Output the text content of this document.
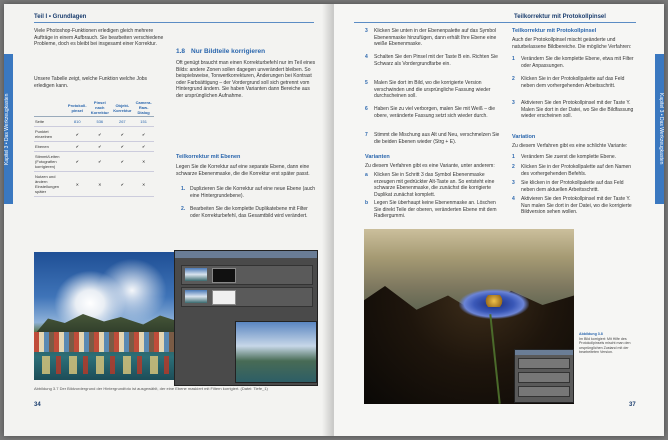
Teil I • Grundlagen
Kapitel 3 • Das Werkzeugkasten
Viele Photoshop-Funktionen erledigen gleich mehrere Aufträge in einem Aufbrauch. Sie bearbeiten verschiedene Probleme, doch es bleibt bei insgesamt einer Korrektur.
Unsere Tabelle zeigt, welche Funktion welche Jobs erledigen kann.
	Protokoll-pinsel	Pinsel nach Korrektur	Objekt-Korrektur	Camera-Raw-Dialog
Seite	810	536	267	151
Punktet einzelnen	✔	✔	✔	✔
Ebenen	✔	✔	✔	✔
Stimmt/Leiten (Fotografien korrigieren)	✔	✔	✔	✕
Nutzen und ändern Einstellungen später	✕	✕	✔	✕
1.8 Nur Bildteile korrigieren
Oft genügt braucht man einen Korrekturbefehl nur im Teil eines Bilds: andere Zonen sollen dagegen unverändert bleiben. So beispielsweise, Tonwertkorrekturen, Änderungen bei Kontrast oder Farbsättigung – der Vordergrund soll sich getrennt vom Hintergrund ändern. Sie haben Varianten dann Bereiche aus der ursprünglichen Aufnahme.
Teilkorrektur mit Ebenen
Legen Sie die Korrektur auf eine separate Ebene, dann eine schwarze Ebenenmaske, die die Korrektur erst später passt.
1. Duplizieren Sie die Korrektur auf eine neue Ebene (auch eine Hintergrundebene).
2. Bearbeiten Sie die komplette Duplikatebene mit Filter oder Korrekturbefehl, das Gesamtbild wird verändert.
Abbildung 3.7 Der Bildvordergrund der Hintergrundfoto ist ausgewählt, der eine Ebene maskiert mit Filtern korrigiert. (Datei: Tiefe_1)
34
Teilkorrektur mit Protokollpinsel
Kapitel 3 • Das Werkzeugkasten
3 Klicken Sie unten in der Ebenenpalette auf das Symbol Ebenenmaske hinzufügen, dann erhält Ihre Ebene eine weiße Ebenenmaske.
4 Schalten Sie den Pinsel mit der Taste B ein. Richten Sie Schwarz als Vordergrundfarbe ein.
5 Malen Sie dort im Bild, wo die korrigierte Version verschwinden und die ursprüngliche Fassung wieder durchscheinen soll.
6 Haben Sie zu viel verborgen, malen Sie mit Weiß – die obere, veränderte Fassung setzt sich wieder durch.
7 Stimmt die Mischung aus Alt und Neu, verschmelzen Sie die beiden Ebenen wieder (Strg + E).
Varianten
Zu diesem Verfahren gibt es eine Variante, unter anderem:
a Klicken Sie in Schritt 3 das Symbol Ebenenmaske erzeugen mit gedrückter Alt-Taste an. So entsteht eine schwarze Ebenenmaske, die zunächst die korrigierte Duplikat zunächst komplett.
b Legen Sie überhaupt keine Ebenenmaske an. Löschen Sie direkt Teile der oberen, veränderten Ebene mit dem Radiergummi.
Teilkorrektur mit Protokollpinsel
Auch der Protokollpinsel mischt geänderte und naturbelassene Bildbereiche. Die mögliche Verfahren:
1 Verändern Sie die komplette Ebene, etwa mit Filter oder Anpassungen.
2 Klicken Sie in der Protokollpalette auf das Feld neben dem vorhergehenden Arbeitsschritt.
3 Aktivieren Sie den Protokollpinsel mit der Taste Y. Malen Sie dort in der Datei, wo Sie die Bildfassung wieder erscheinen soll.
Variation
Zu diesem Verfahren gibt es eine schlichte Variante:
1 Verändern Sie zuerst die komplette Ebene.
2 Klicken Sie in der Protokollpalette auf den Namen des vorhergehenden Befehls.
3 Sie klicken in der Protokollpalette auf das Feld neben dem aktuellen Arbeitsschritt.
4 Aktivieren Sie den Protokollpinsel mit der Taste Y. Nun malen Sie dort in der Datei, wo die korrigierte Bildversion sehen wollen.
Abbildung 3.8
Im Bild korrigiert: Mit Hilfe des Protokollpinsels mischt man den ursprünglichen Zustand mit der bearbeiteten Version.
37
